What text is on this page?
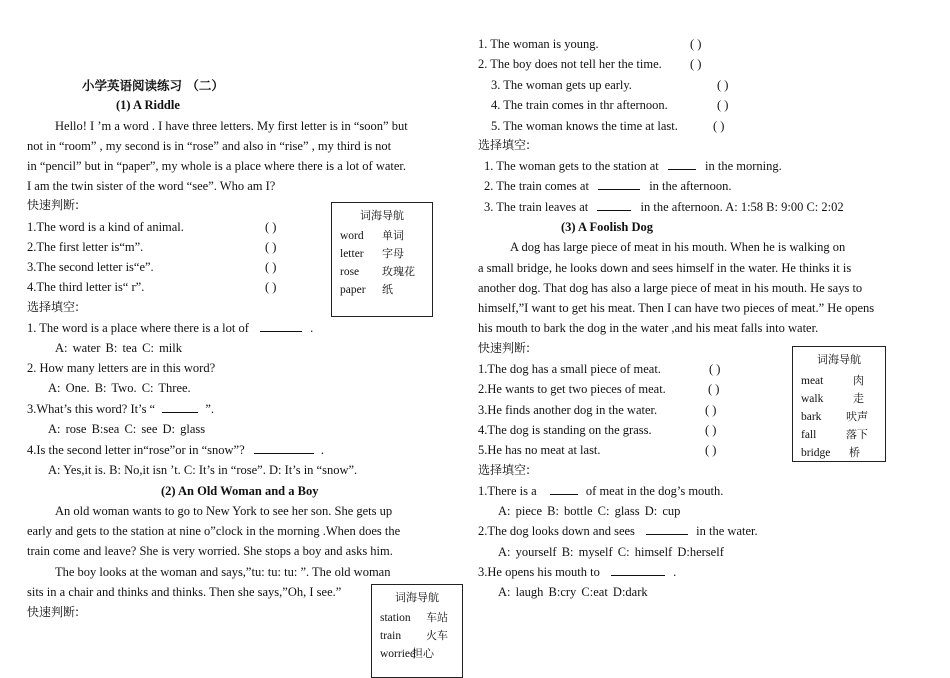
小学英语阅读练习 （二）
(1) A Riddle
Hello! I ’m a word . I have three letters. My first letter is in “soon” but
not in “room” , my second is in “rose” and also in “rise” , my third is not
in “pencil” but in “paper”, my whole is a place where there is a lot of water.
I am the twin sister of the word “see”. Who am I?
快速判断:
1.The word is a kind of animal.	( )
2.The first letter is“m”.	( )
3.The second letter is“e”.	( )
4.The third letter is“ r”.	( )
词海导航
word 单词
letter 字母
rose 玫瑰花
paper 纸
选择填空:
1. The word is a place where there is a lot of	.
A: water B: tea C: milk
2. How many letters are in this word?
A: One. B: Two. C: Three.
3.What’s this word? It’s “	”.
A: rose B:sea C: see D: glass
4.Is the second letter in“rose”or in “snow”?	.
A: Yes,it is. B: No,it isn ’t. C: It’s in “rose”. D: It’s in “snow”.
(2) An Old Woman and a Boy
An old woman wants to go to New York to see her son. She gets up
early and gets to the station at nine o”clock in the morning .When does the
train come and leave? She is very worried. She stops a boy and asks him.
The boy looks at the woman and says,”tu: tu: tu: ”. The old woman
sits in a chair and thinks and thinks. Then she says,”Oh, I see.”
快速判断:
词海导航
station 车站
train 火车
worried担心
1. The woman is young.	( )
2. The boy does not tell her the time. ( )
3. The woman gets up early.	( )
4. The train comes in thr afternoon.	( )
5. The woman knows the time at last.	( )
选择填空:
1. The woman gets to the station at	in the morning.
2. The train comes at	in the afternoon.
3. The train leaves at	in the afternoon. A: 1:58 B: 9:00 C: 2:02
(3) A Foolish Dog
A dog has large piece of meat in his mouth. When he is walking on
a small bridge, he looks down and sees himself in the water. He thinks it is
another dog. That dog has also a large piece of meat in his mouth. He says to
himself,”I want to get his meat. Then I can have two pieces of meat.” He opens
his mouth to bark the dog in the water ,and his meat falls into water.
快速判断:
1.The dog has a small piece of meat.	( )
2.He wants to get two pieces of meat.	( )
3.He finds another dog in the water.	( )
4.The dog is standing on the grass.	( )
5.He has no meat at last.	( )
词海导航
meat	肉
walk	走
bark 吠声
fall	落下
bridge 桥
选择填空:
1.There is a	of meat in the dog’s mouth.
A: piece B: bottle C: glass D: cup
2.The dog looks down and sees	in the water.
A: yourself B: myself C: himself D:herself
3.He opens his mouth to	.
A: laugh B:cry C:eat D:dark
